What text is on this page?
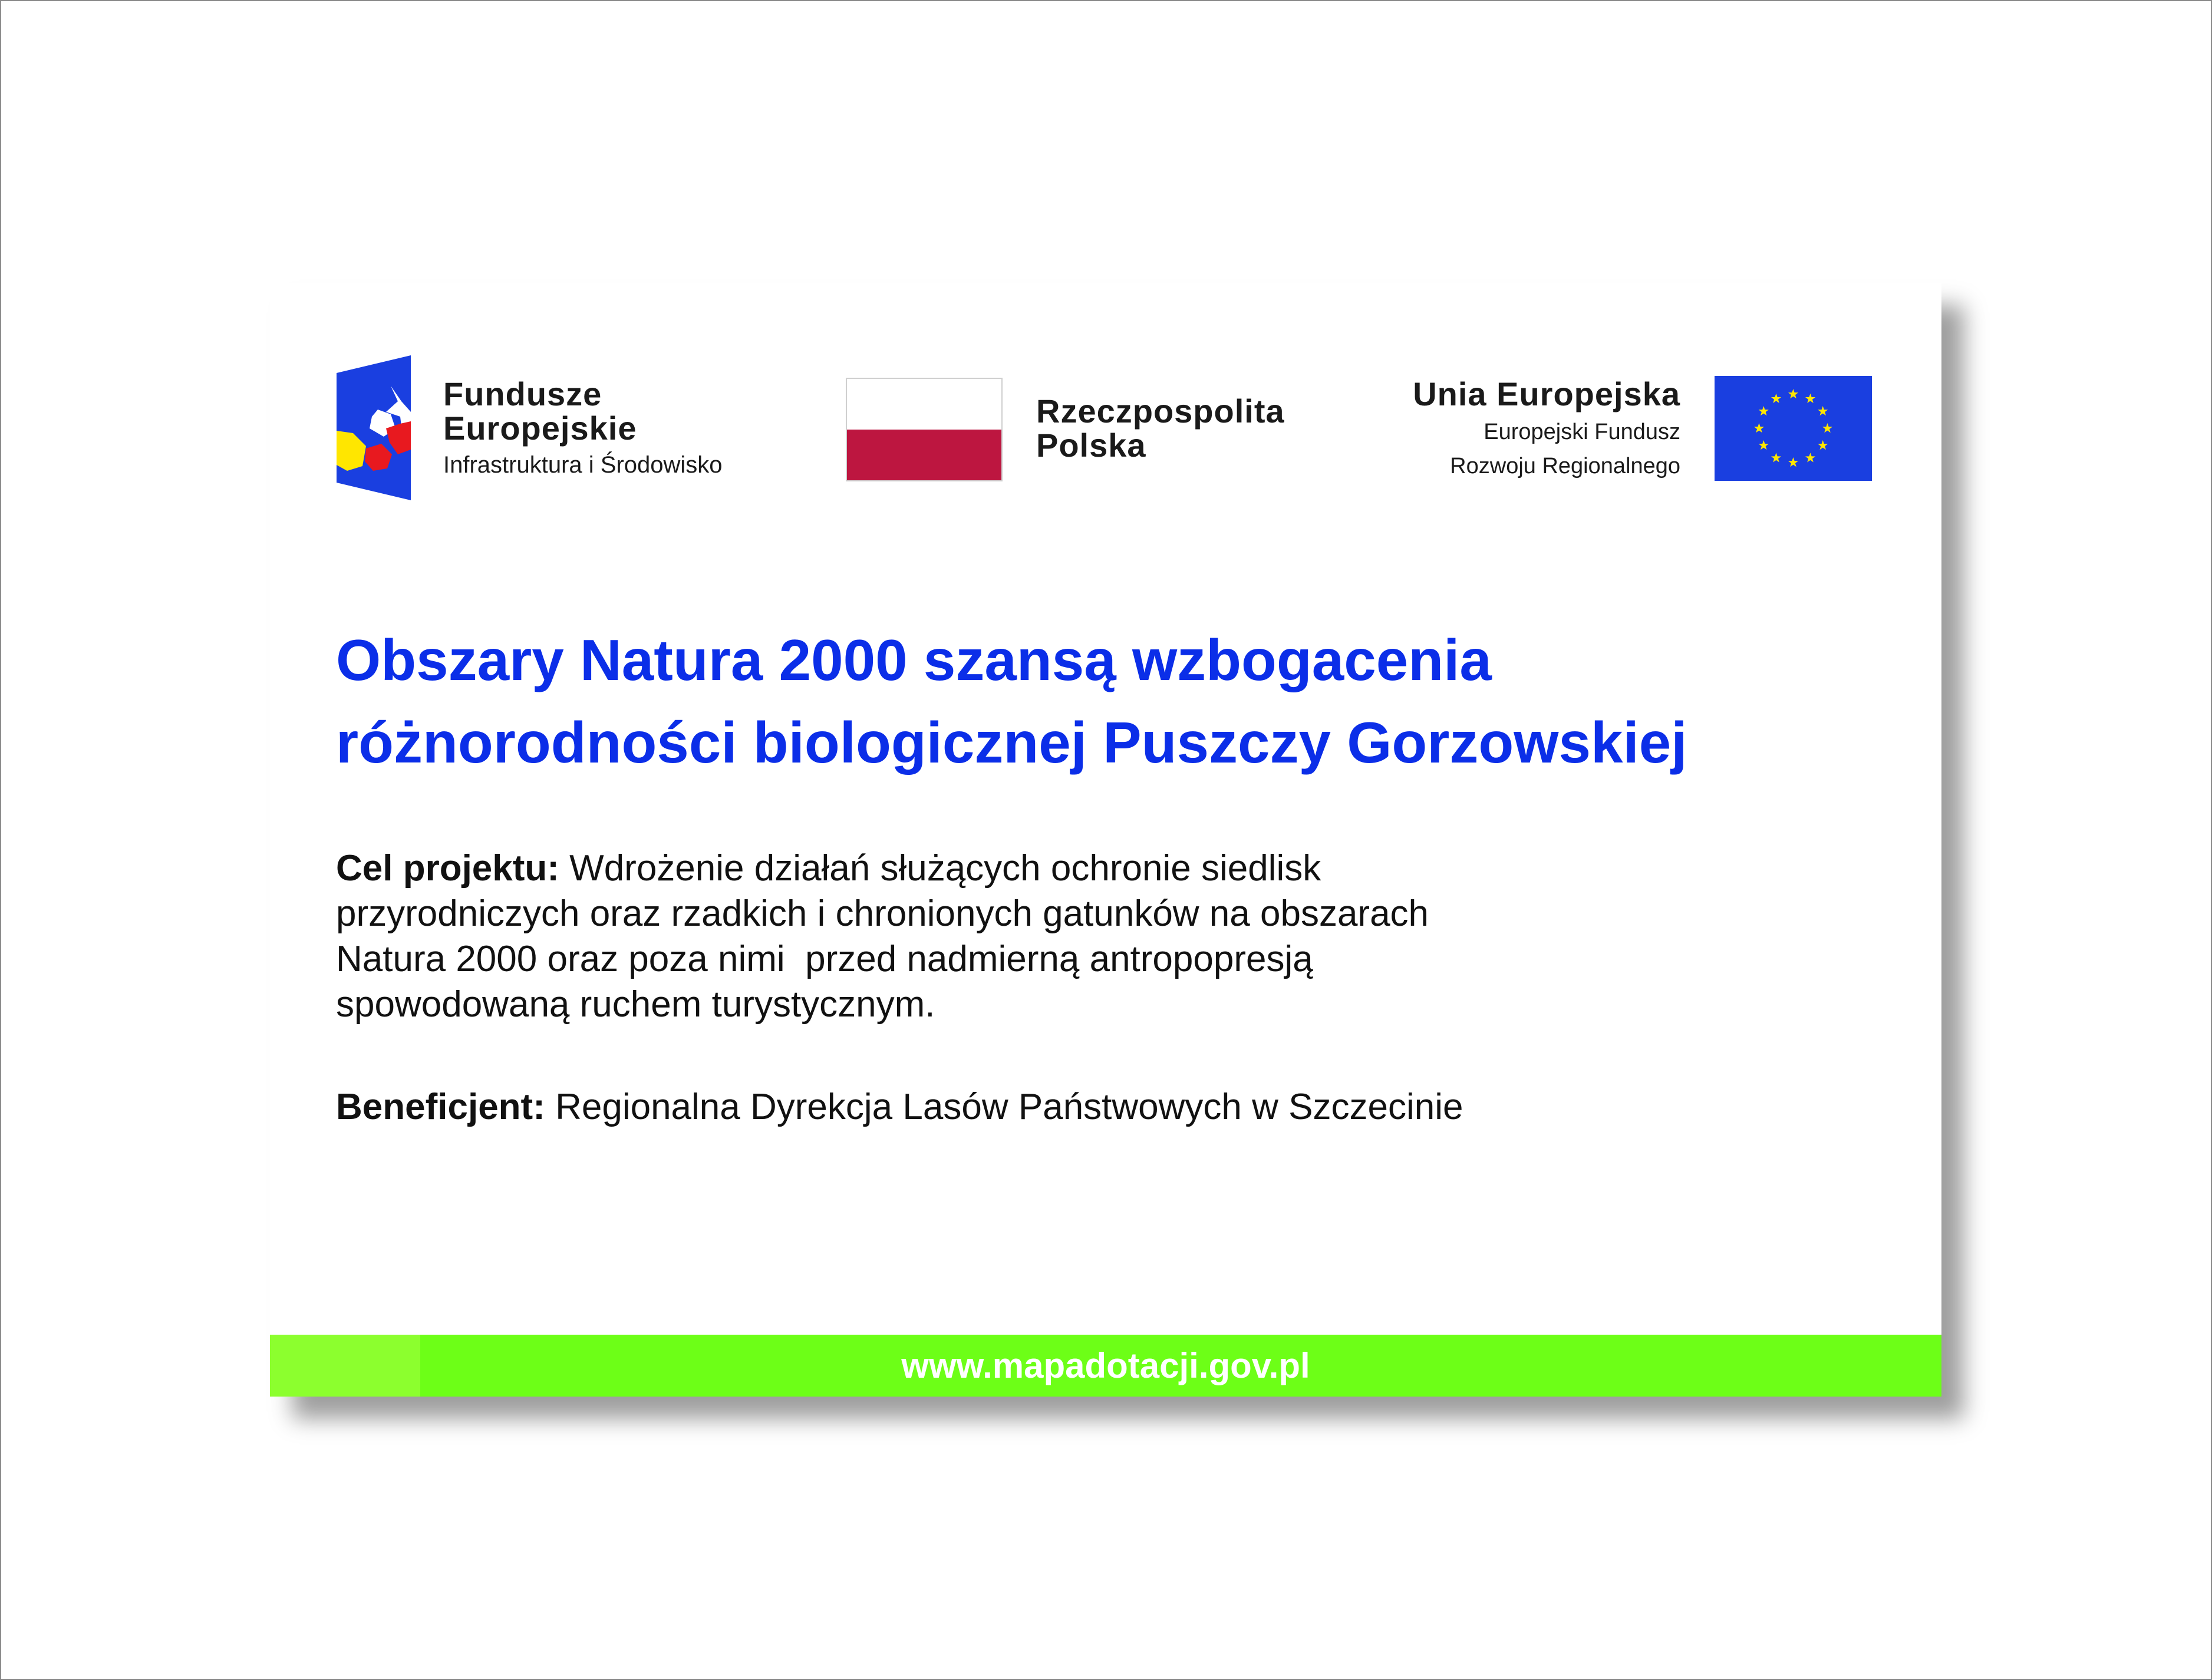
Fundusze
Europejskie
Infrastruktura i Środowisko
Rzeczpospolita
Polska
Unia Europejska
Europejski Fundusz
Rozwoju Regionalnego
Obszary Natura 2000 szansą wzbogacenia
różnorodności biologicznej Puszczy Gorzowskiej
Cel projektu: Wdrożenie działań służących ochronie siedlisk
przyrodniczych oraz rzadkich i chronionych gatunków na obszarach
Natura 2000 oraz poza nimi  przed nadmierną antropopresją
spowodowaną ruchem turystycznym.
Beneficjent: Regionalna Dyrekcja Lasów Państwowych w Szczecinie
www.mapadotacji.gov.pl
